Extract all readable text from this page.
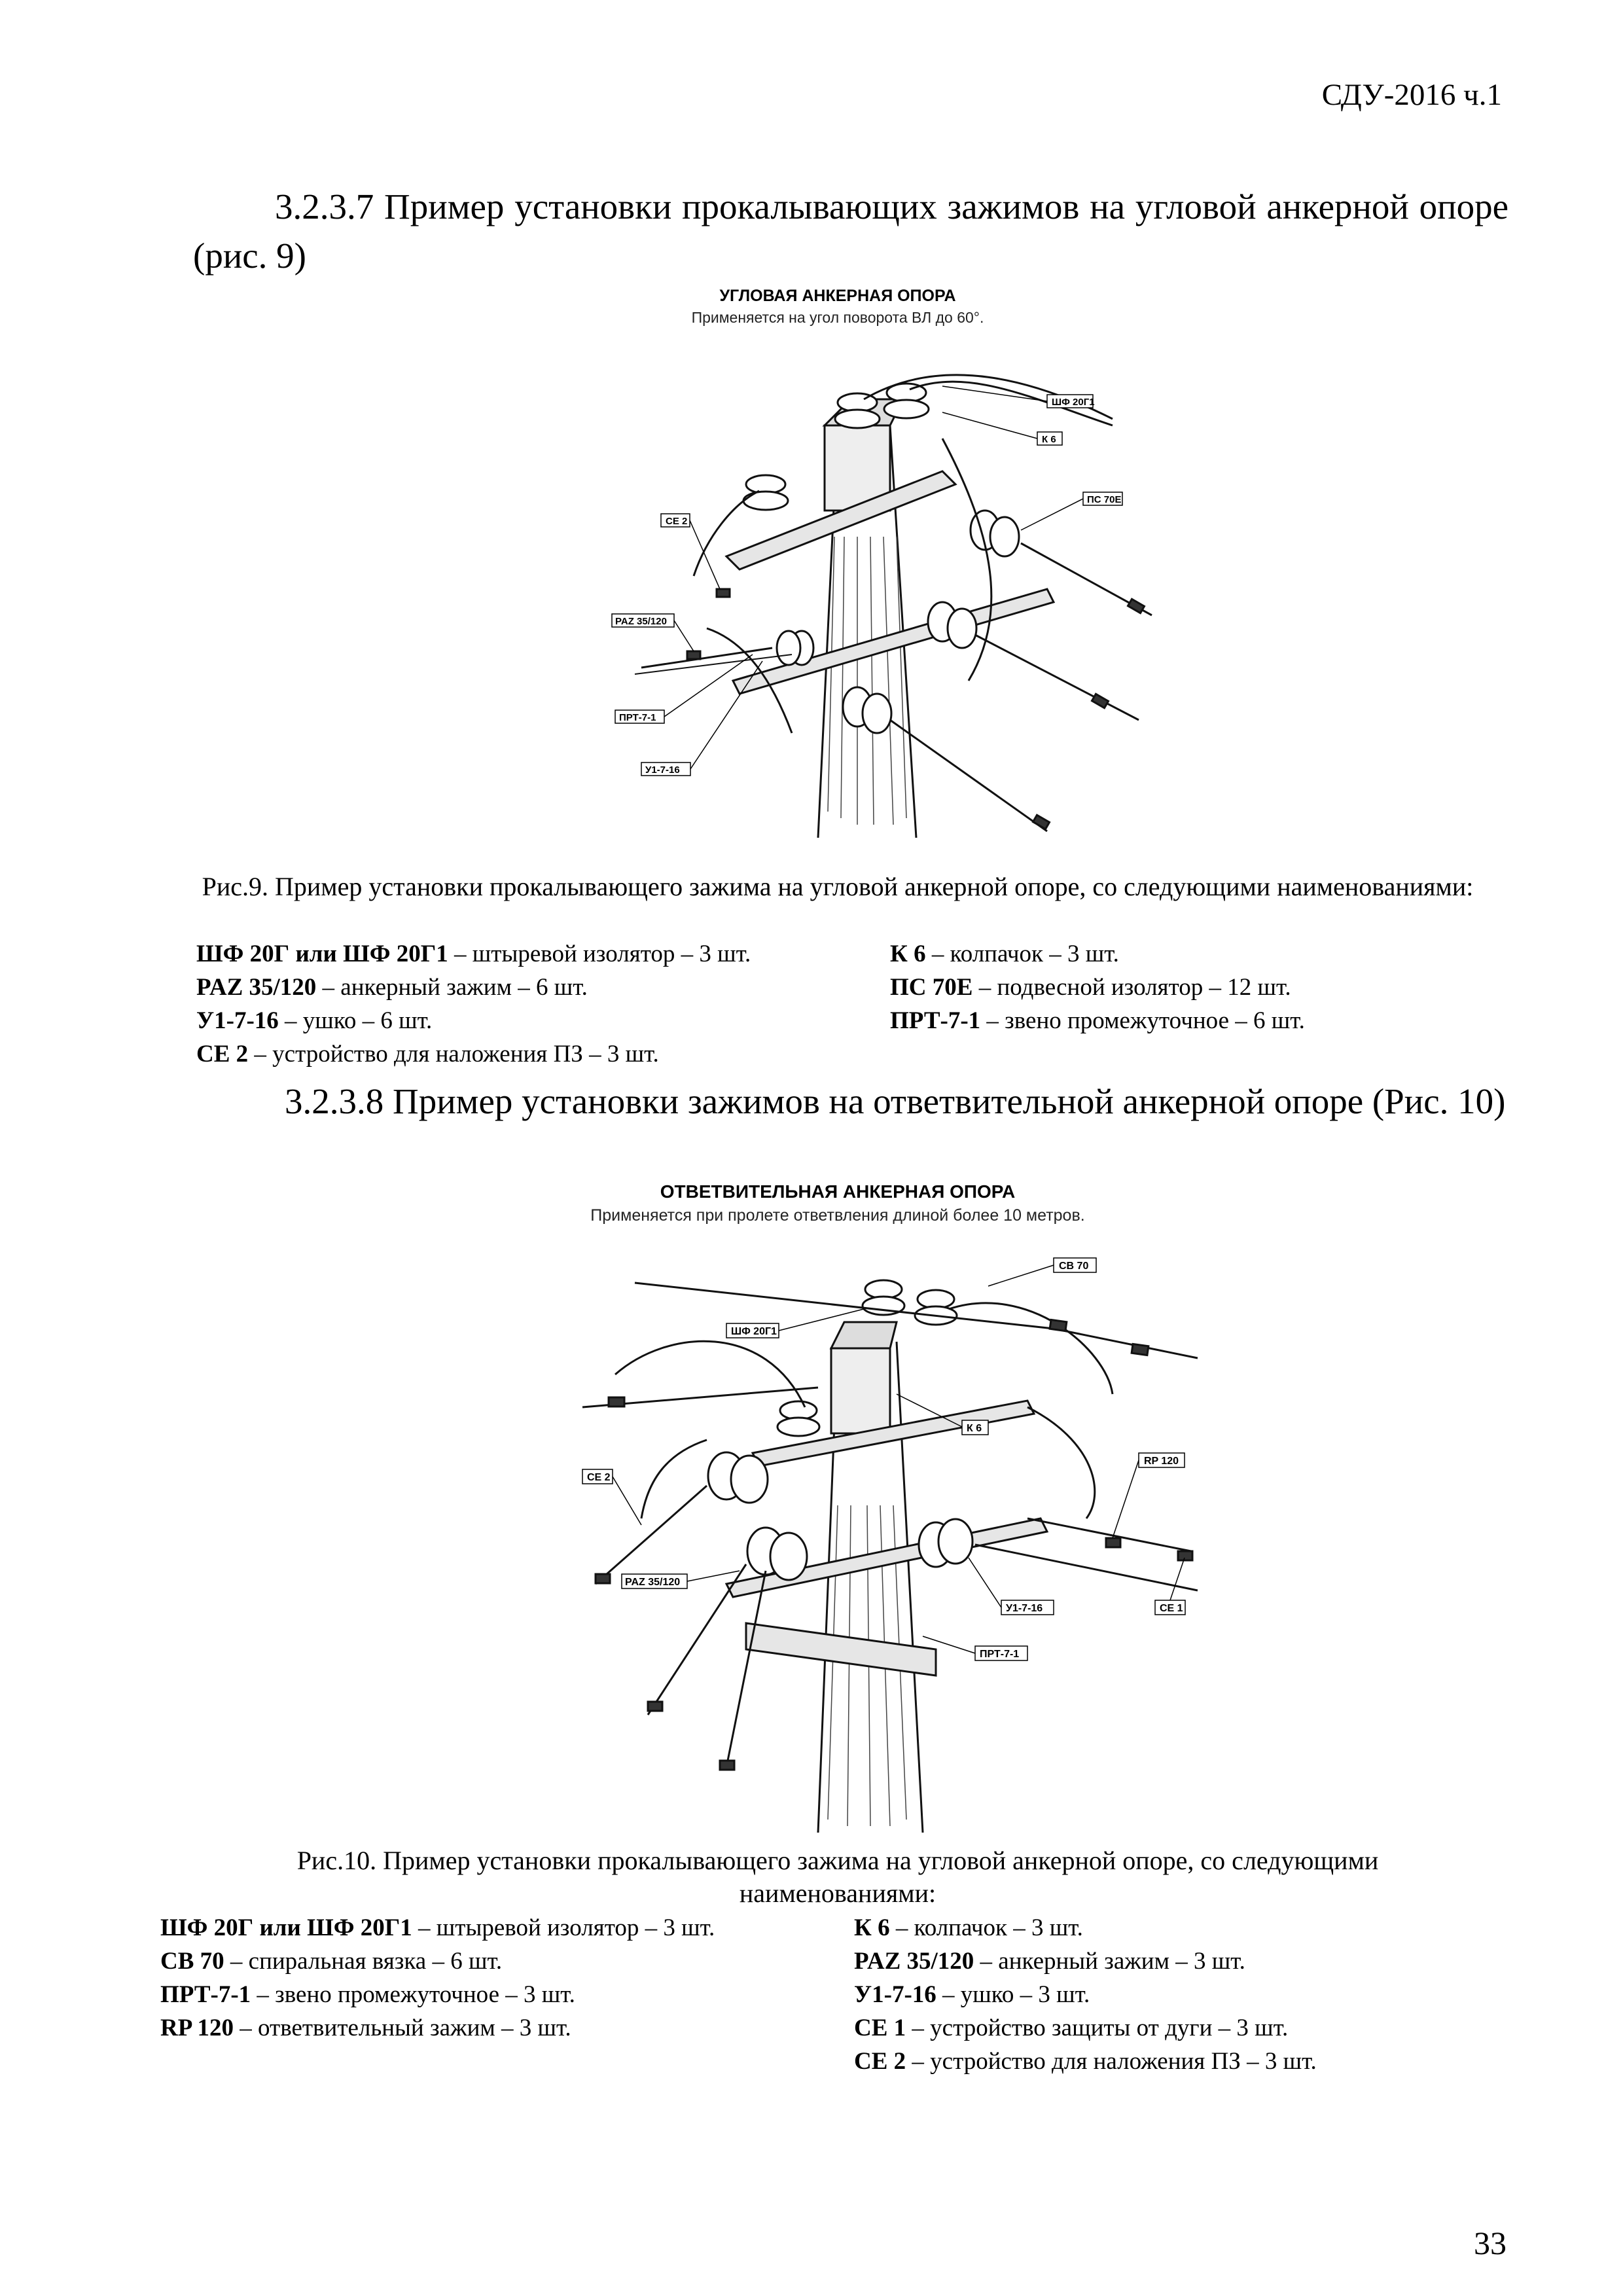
СДУ-2016 ч.1
3.2.3.7 Пример установки прокалывающих зажимов на угловой анкерной опоре (рис. 9)
УГЛОВАЯ АНКЕРНАЯ ОПОРА
Применяется на угол поворота ВЛ до 60°.
ШФ 20Г1
К 6
ПС 70Е
СЕ 2
PAZ 35/120
ПРТ-7-1
У1-7-16
Рис.9. Пример установки прокалывающего зажима на угловой анкерной опоре, со следующими наименованиями:
ШФ 20Г или ШФ 20Г1 – штыревой изолятор – 3 шт.
PAZ 35/120 – анкерный зажим – 6 шт.
У1-7-16 – ушко – 6 шт.
СЕ 2 – устройство для наложения ПЗ – 3 шт.
К 6 – колпачок – 3 шт.
ПС 70Е – подвесной изолятор – 12 шт.
ПРТ-7-1 – звено промежуточное – 6 шт.
3.2.3.8 Пример установки зажимов на ответвительной анкерной опоре (Рис. 10)
ОТВЕТВИТЕЛЬНАЯ АНКЕРНАЯ ОПОРА
Применяется при пролете ответвления длиной более 10 метров.
СВ 70
ШФ 20Г1
К 6
СЕ 2
RP 120
PAZ 35/120
У1-7-16	СЕ 1
ПРТ-7-1
Рис.10. Пример установки прокалывающего зажима на угловой анкерной опоре, со следующими наименованиями:
ШФ 20Г или ШФ 20Г1 – штыревой изолятор – 3 шт.
СВ 70 – спиральная вязка – 6 шт.
ПРТ-7-1 – звено промежуточное – 3 шт.
RP 120 – ответвительный зажим – 3 шт.
К 6 – колпачок – 3 шт.
PAZ 35/120 – анкерный зажим – 3 шт.
У1-7-16 – ушко – 3 шт.
СЕ 1 – устройство защиты от дуги – 3 шт.
СЕ 2 – устройство для наложения ПЗ – 3 шт.
33
